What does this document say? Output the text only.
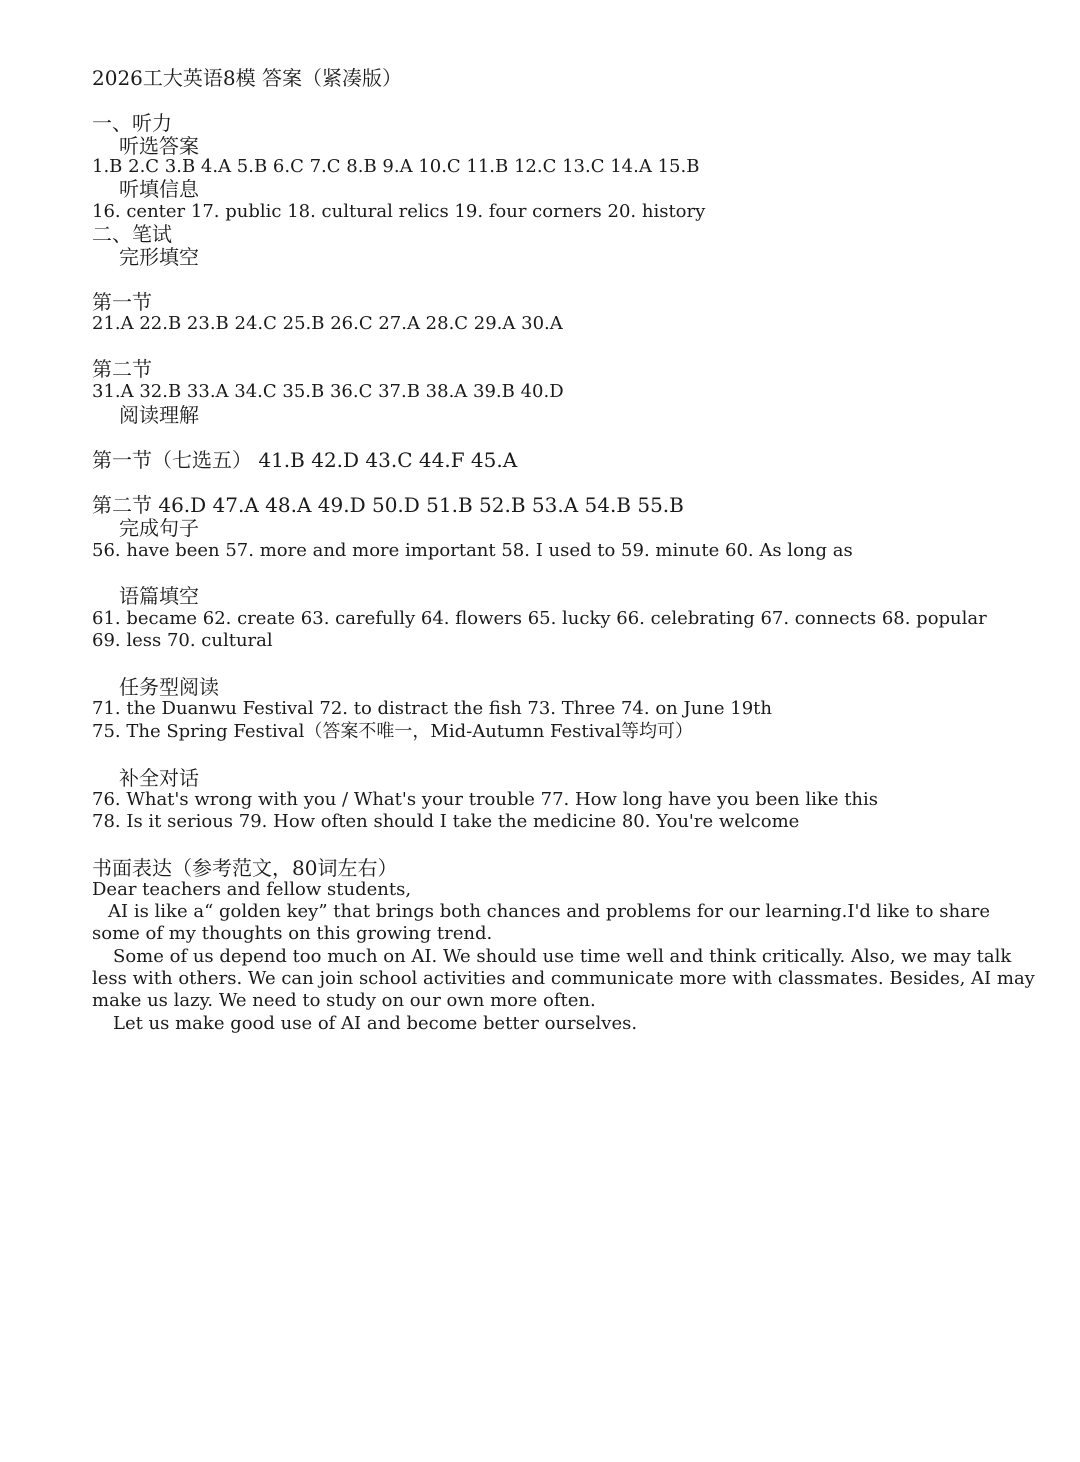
2026工大英语8模 答案（紧凑版）
一、听力
听选答案
1.B 2.C 3.B 4.A 5.B 6.C 7.C 8.B 9.A 10.C 11.B 12.C 13.C 14.A 15.B
听填信息
16. center 17. public 18. cultural relics 19. four corners 20. history
二、笔试
完形填空
第一节
21.A 22.B 23.B 24.C 25.B 26.C 27.A 28.C 29.A 30.A
第二节
31.A 32.B 33.A 34.C 35.B 36.C 37.B 38.A 39.B 40.D
阅读理解
第一节（七选五） 41.B 42.D 43.C 44.F 45.A
第二节 46.D 47.A 48.A 49.D 50.D 51.B 52.B 53.A 54.B 55.B
完成句子
56. have been 57. more and more important 58. I used to 59. minute 60. As long as
语篇填空
61. became 62. create 63. carefully 64. flowers 65. lucky 66. celebrating 67. connects 68. popular
69. less 70. cultural
任务型阅读
71. the Duanwu Festival 72. to distract the fish 73. Three 74. on June 19th
75. The Spring Festival（答案不唯一，Mid-Autumn Festival等均可）
补全对话
76. What's wrong with you / What's your trouble 77. How long have you been like this
78. Is it serious 79. How often should I take the medicine 80. You're welcome
书面表达（参考范文，80词左右）
Dear teachers and fellow students,
AI is like a“ golden key” that brings both chances and problems for our learning.I'd like to share
some of my thoughts on this growing trend.
Some of us depend too much on AI. We should use time well and think critically. Also, we may talk
less with others. We can join school activities and communicate more with classmates. Besides, AI may
make us lazy. We need to study on our own more often.
Let us make good use of AI and become better ourselves.
